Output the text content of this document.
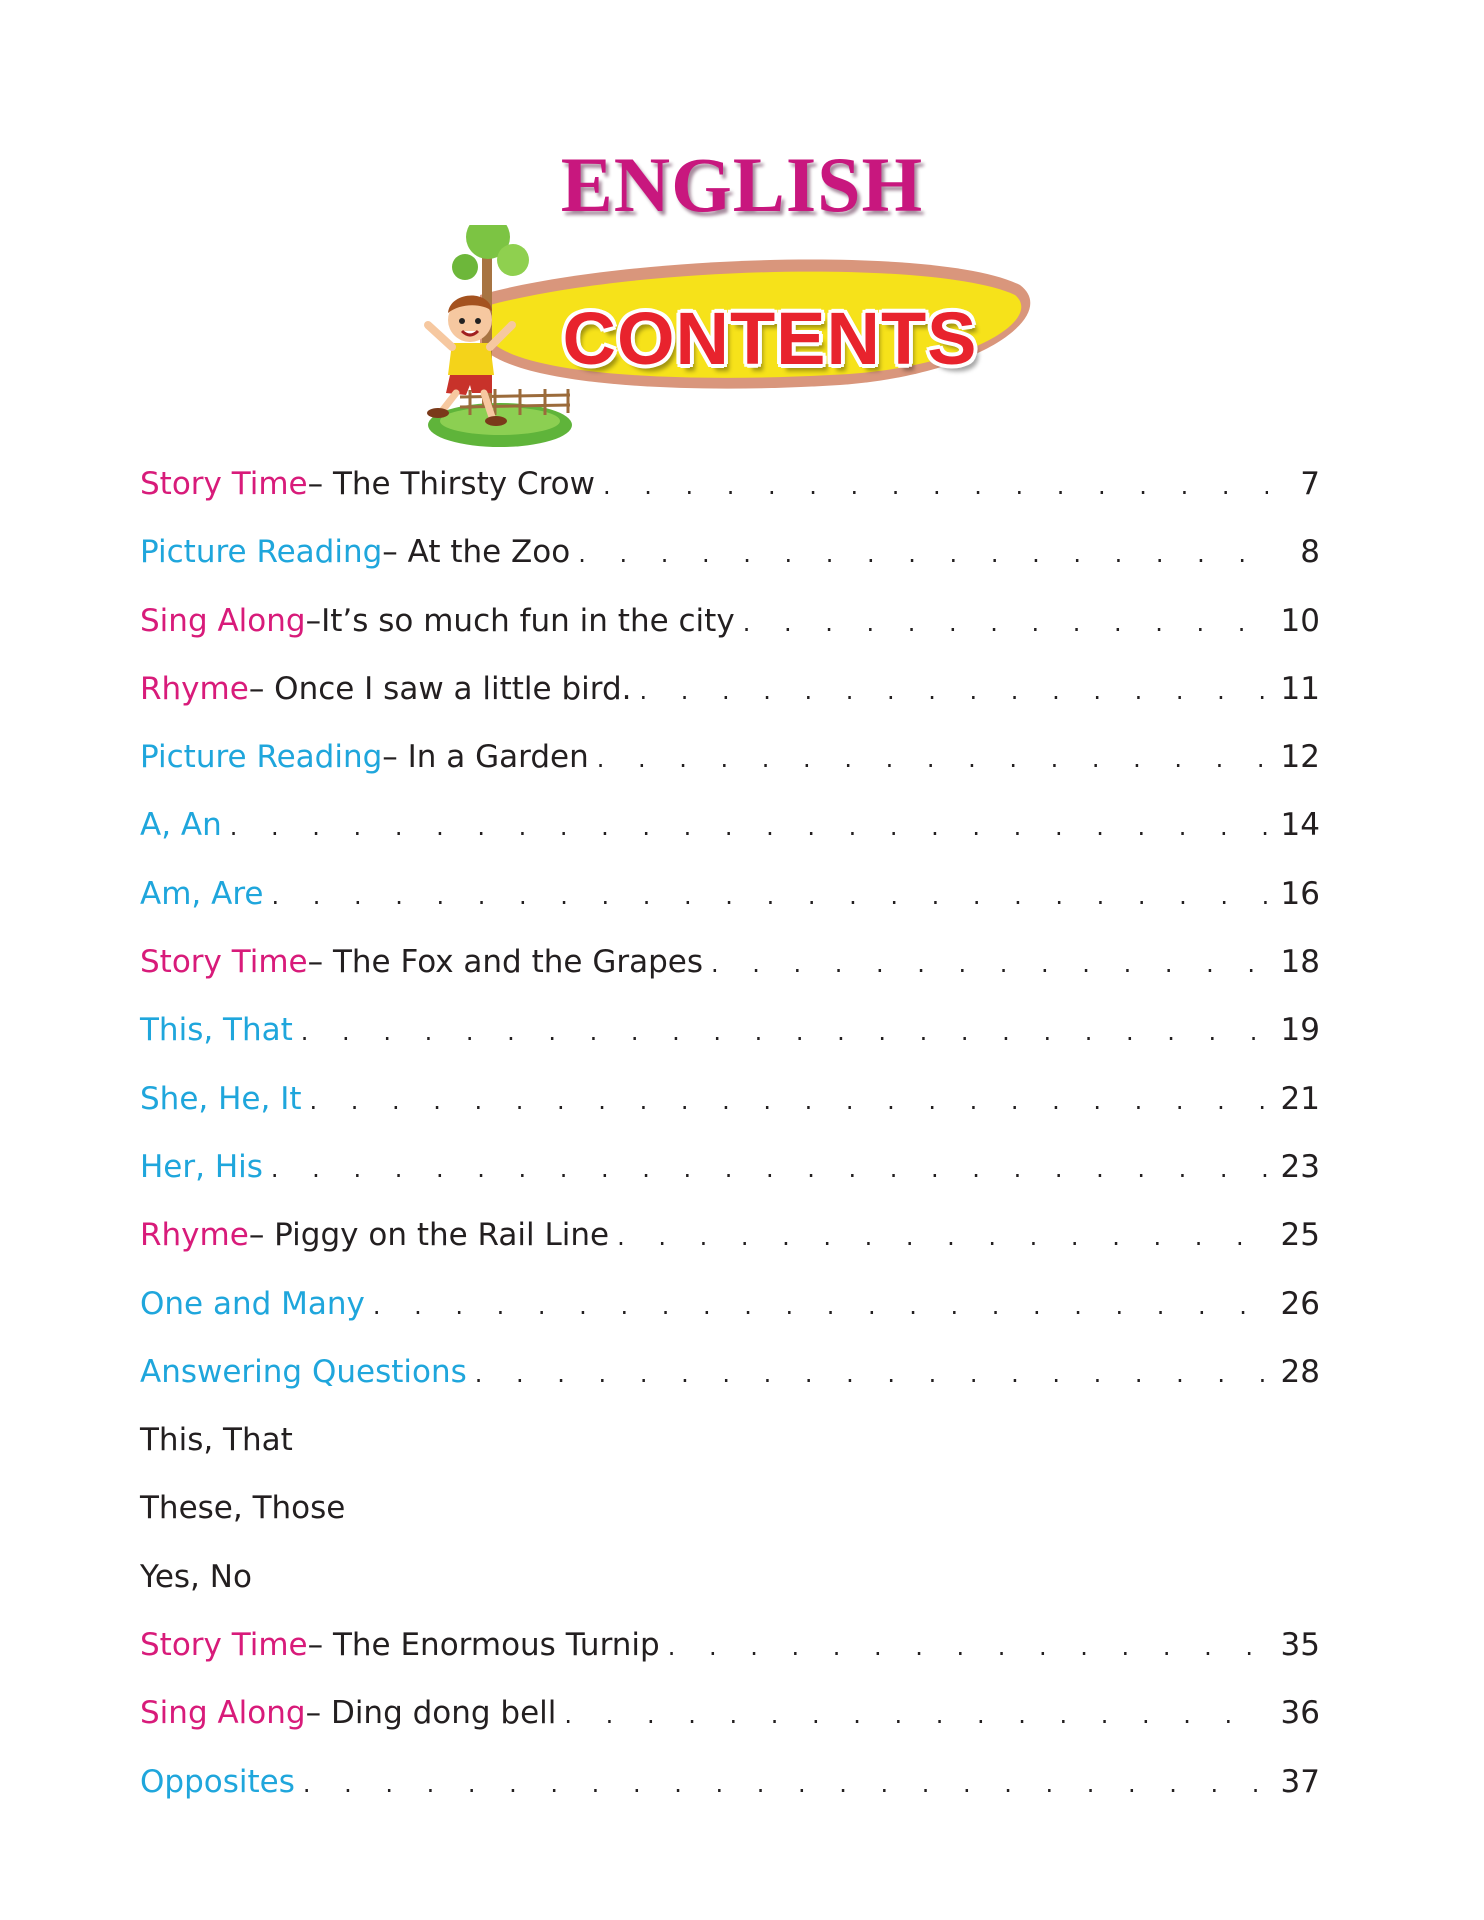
ENGLISH
CONTENTS
Story Time – The Thirsty Crow . . .	7
Picture Reading – At the Zoo . . .	8
Sing Along –It’s so much fun in the city . . .	10
Rhyme – Once I saw a little bird. . . .	11
Picture Reading – In a Garden . . .	12
A, An . . .	14
Am, Are . . .	16
Story Time – The Fox and the Grapes . . .	18
This, That . . .	19
She, He, It . . .	21
Her, His . . .	23
Rhyme – Piggy on the Rail Line . . .	25
One and Many . . .	26
Answering Questions . . .	28
This, That
These, Those
Yes, No
Story Time – The Enormous Turnip . . .	35
Sing Along – Ding dong bell . . .	36
Opposites . . .	37
